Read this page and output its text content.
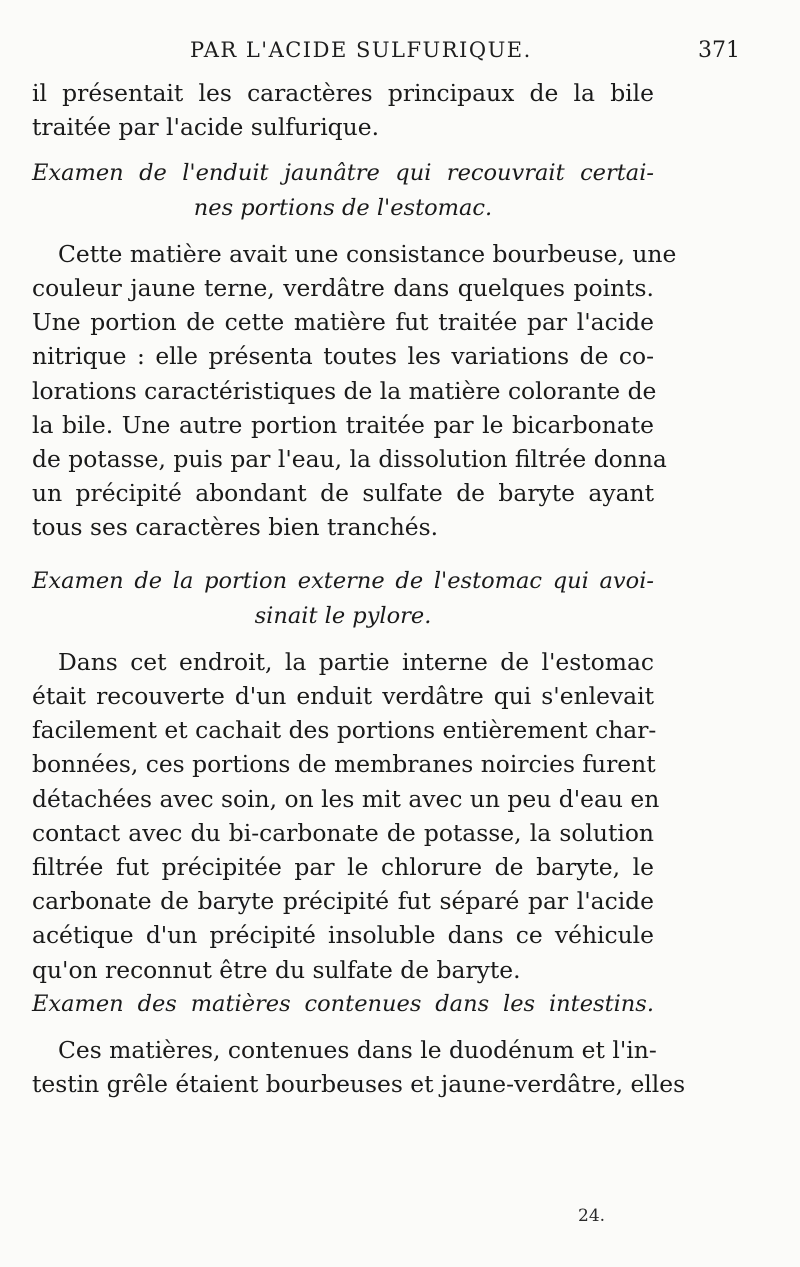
PAR L'ACIDE SULFURIQUE.	371
il présentait les caractères principaux de la bile
traitée par l'acide sulfurique.
Examen de l'enduit jaunâtre qui recouvrait certai-
nes portions de l'estomac.
Cette matière avait une consistance bourbeuse, une
couleur jaune terne, verdâtre dans quelques points.
Une portion de cette matière fut traitée par l'acide
nitrique : elle présenta toutes les variations de co-
lorations caractéristiques de la matière colorante de
la bile. Une autre portion traitée par le bicarbonate
de potasse, puis par l'eau, la dissolution filtrée donna
un précipité abondant de sulfate de baryte ayant
tous ses caractères bien tranchés.
Examen de la portion externe de l'estomac qui avoi-
sinait le pylore.
Dans cet endroit, la partie interne de l'estomac
était recouverte d'un enduit verdâtre qui s'enlevait
facilement et cachait des portions entièrement char-
bonnées, ces portions de membranes noircies furent
détachées avec soin, on les mit avec un peu d'eau en
contact avec du bi-carbonate de potasse, la solution
filtrée fut précipitée par le chlorure de baryte, le
carbonate de baryte précipité fut séparé par l'acide
acétique d'un précipité insoluble dans ce véhicule
qu'on reconnut être du sulfate de baryte.
Examen des matières contenues dans les intestins.
Ces matières, contenues dans le duodénum et l'in-
testin grêle étaient bourbeuses et jaune-verdâtre, elles
24.
